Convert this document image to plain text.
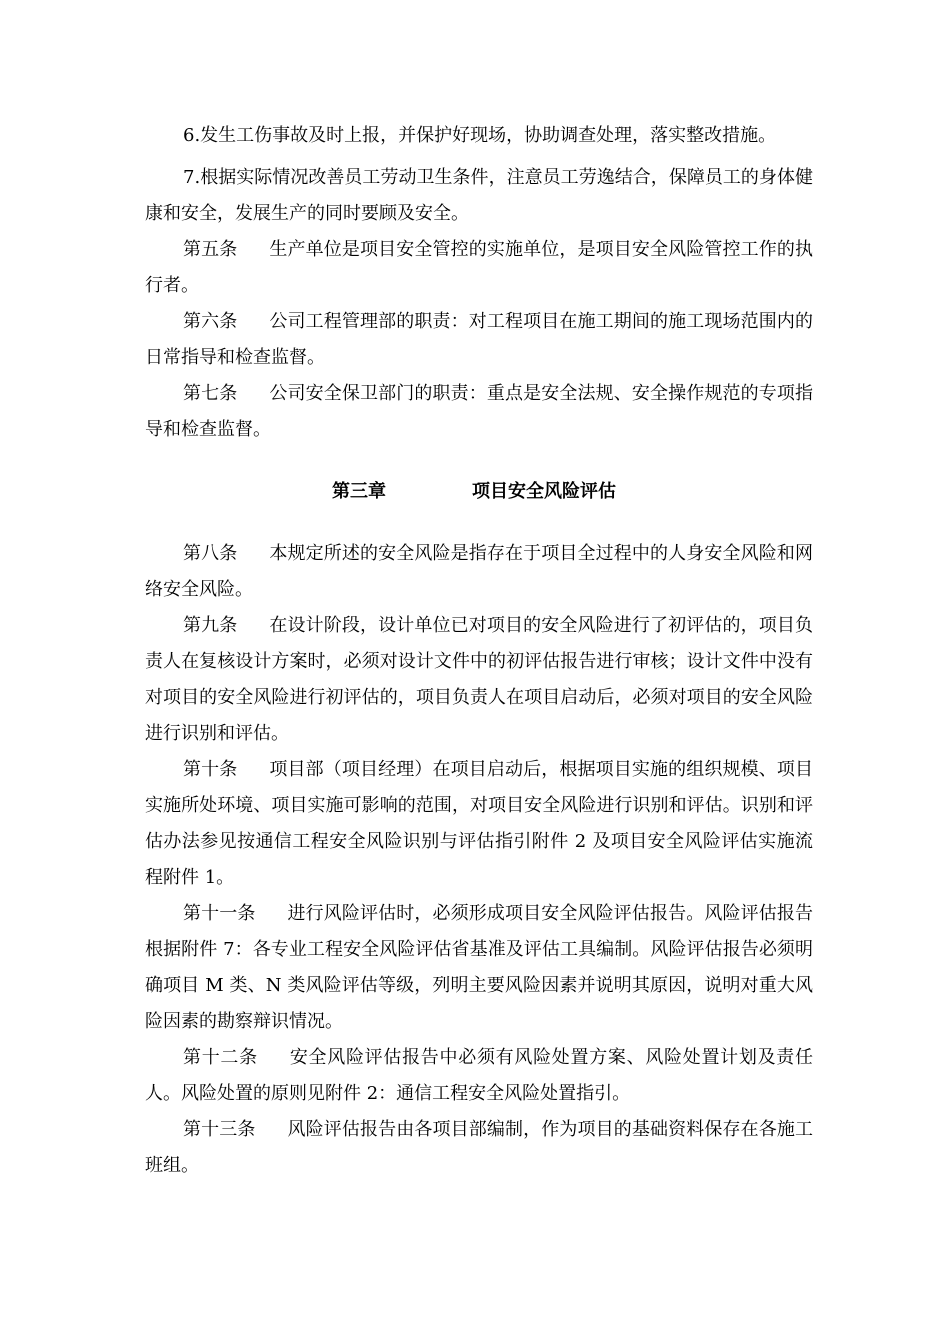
6.发生工伤事故及时上报，并保护好现场，协助调查处理，落实整改措施。

7.根据实际情况改善员工劳动卫生条件，注意员工劳逸结合，保障员工的身体健康和安全，发展生产的同时要顾及安全。

第五条 生产单位是项目安全管控的实施单位，是项目安全风险管控工作的执行者。

第六条 公司工程管理部的职责：对工程项目在施工期间的施工现场范围内的日常指导和检查监督。

第七条 公司安全保卫部门的职责：重点是安全法规、安全操作规范的专项指导和检查监督。

第三章	项目安全风险评估

第八条 本规定所述的安全风险是指存在于项目全过程中的人身安全风险和网络安全风险。

第九条 在设计阶段，设计单位已对项目的安全风险进行了初评估的，项目负责人在复核设计方案时，必须对设计文件中的初评估报告进行审核；设计文件中没有对项目的安全风险进行初评估的，项目负责人在项目启动后，必须对项目的安全风险进行识别和评估。

第十条 项目部（项目经理）在项目启动后，根据项目实施的组织规模、项目实施所处环境、项目实施可影响的范围，对项目安全风险进行识别和评估。识别和评估办法参见按通信工程安全风险识别与评估指引附件 2 及项目安全风险评估实施流程附件 1。

第十一条 进行风险评估时，必须形成项目安全风险评估报告。风险评估报告根据附件 7：各专业工程安全风险评估省基准及评估工具编制。风险评估报告必须明确项目 M 类、N 类风险评估等级，列明主要风险因素并说明其原因，说明对重大风险因素的勘察辩识情况。

第十二条 安全风险评估报告中必须有风险处置方案、风险处置计划及责任人。风险处置的原则见附件 2：通信工程安全风险处置指引。

第十三条 风险评估报告由各项目部编制，作为项目的基础资料保存在各施工班组。
